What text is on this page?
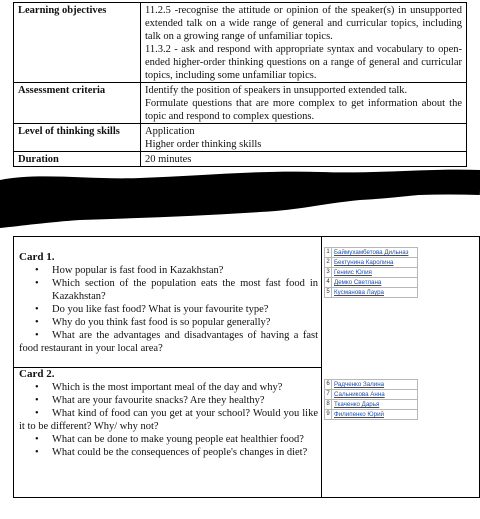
Learning objectives	11.2.5 -recognise the attitude or opinion of the speaker(s) in unsupported extended talk on a wide range of general and curricular topics, including talk on a growing range of unfamiliar topics.
11.3.2 - ask and respond with appropriate syntax and vocabulary to open-ended higher-order thinking questions on a range of general and curricular topics, including some unfamiliar topics.

Assessment criteria	Identify the position of speakers in unsupported extended talk.
Formulate questions that are more complex to get information about the topic and respond to complex questions.

Level of thinking skills	Application
Higher order thinking skills

Duration	20 minutes
Card 1.
• How popular is fast food in Kazakhstan?
• Which section of the population eats the most fast food in Kazakhstan?
• Do you like fast food? What is your favourite type?
• Why do you think fast food is so popular generally?
• What are the advantages and disadvantages of having a fast food restaurant in your local area?
Card 2.
• Which is the most important meal of the day and why?
• What are your favourite snacks? Are they healthy?
• What kind of food can you get at your school? Would you like it to be different? Why/ why not?
• What can be done to make young people eat healthier food?
• What could be the consequences of people's changes in diet?
1	Баймухамбетова Дильназ
2	Бектунина Каролина
3	Гениис Юлия
4	Демко Светлана
5	Кусманова Лаура
6	Радченко Залина
7	Сальникова Анна
8	Ткаченко Дарья
9	Филипенко Юрий
